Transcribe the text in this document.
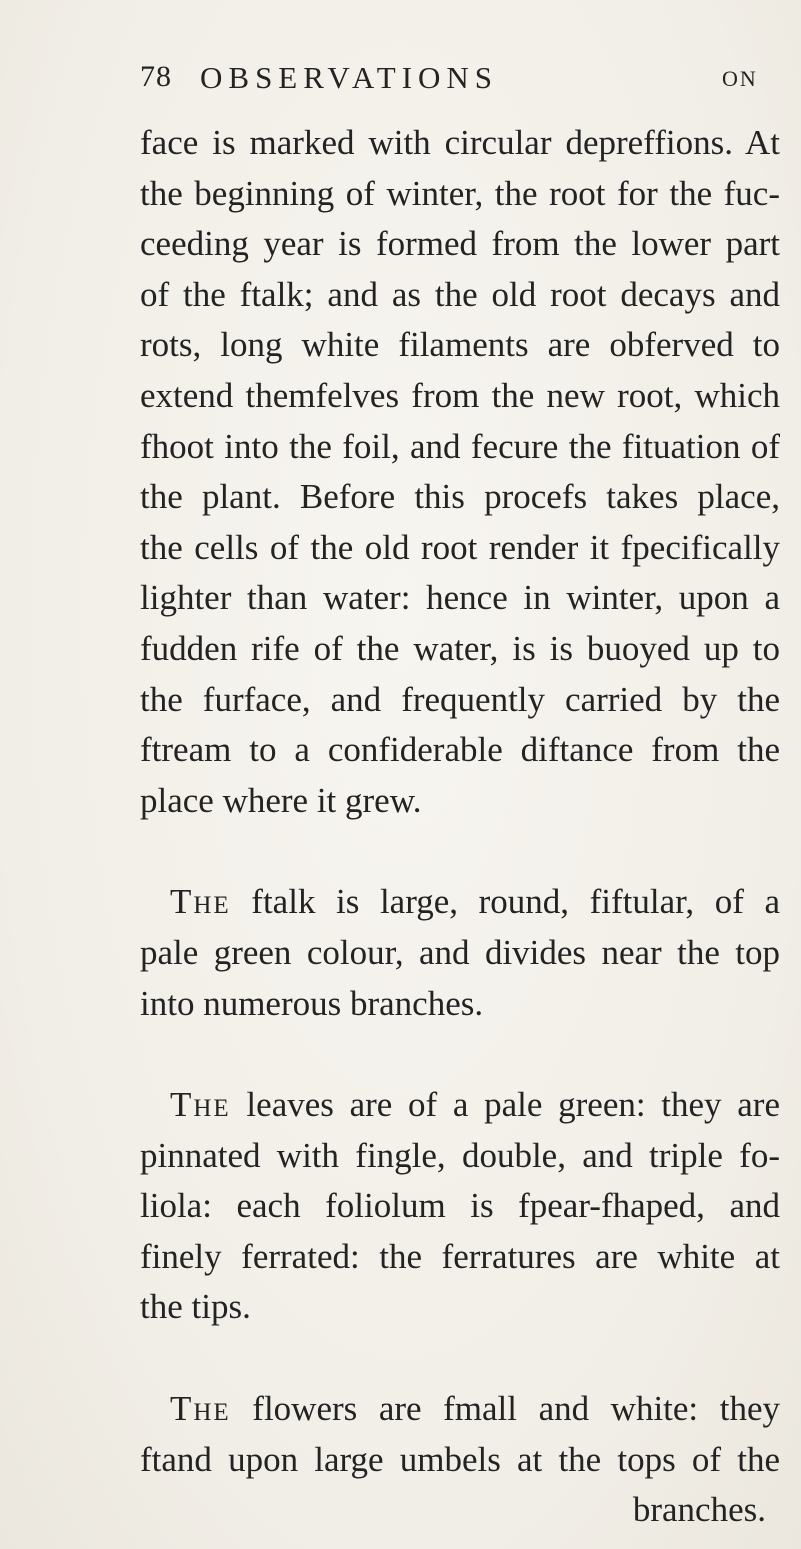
78 OBSERVATIONS	ON
face is marked with circular depreffions. At
the beginning of winter, the root for the fuc-
ceeding year is formed from the lower part
of the ftalk; and as the old root decays and
rots, long white filaments are obferved to
extend themfelves from the new root, which
fhoot into the foil, and fecure the fituation of
the plant. Before this procefs takes place,
the cells of the old root render it fpecifically
lighter than water: hence in winter, upon a
fudden rife of the water, is is buoyed up to
the furface, and frequently carried by the
ftream to a confiderable diftance from the
place where it grew.
The ftalk is large, round, fiftular, of a
pale green colour, and divides near the top
into numerous branches.
The leaves are of a pale green: they are
pinnated with fingle, double, and triple fo-
liola: each foliolum is fpear-fhaped, and
finely ferrated: the ferratures are white at
the tips.
The flowers are fmall and white: they
ftand upon large umbels at the tops of the
branches.
